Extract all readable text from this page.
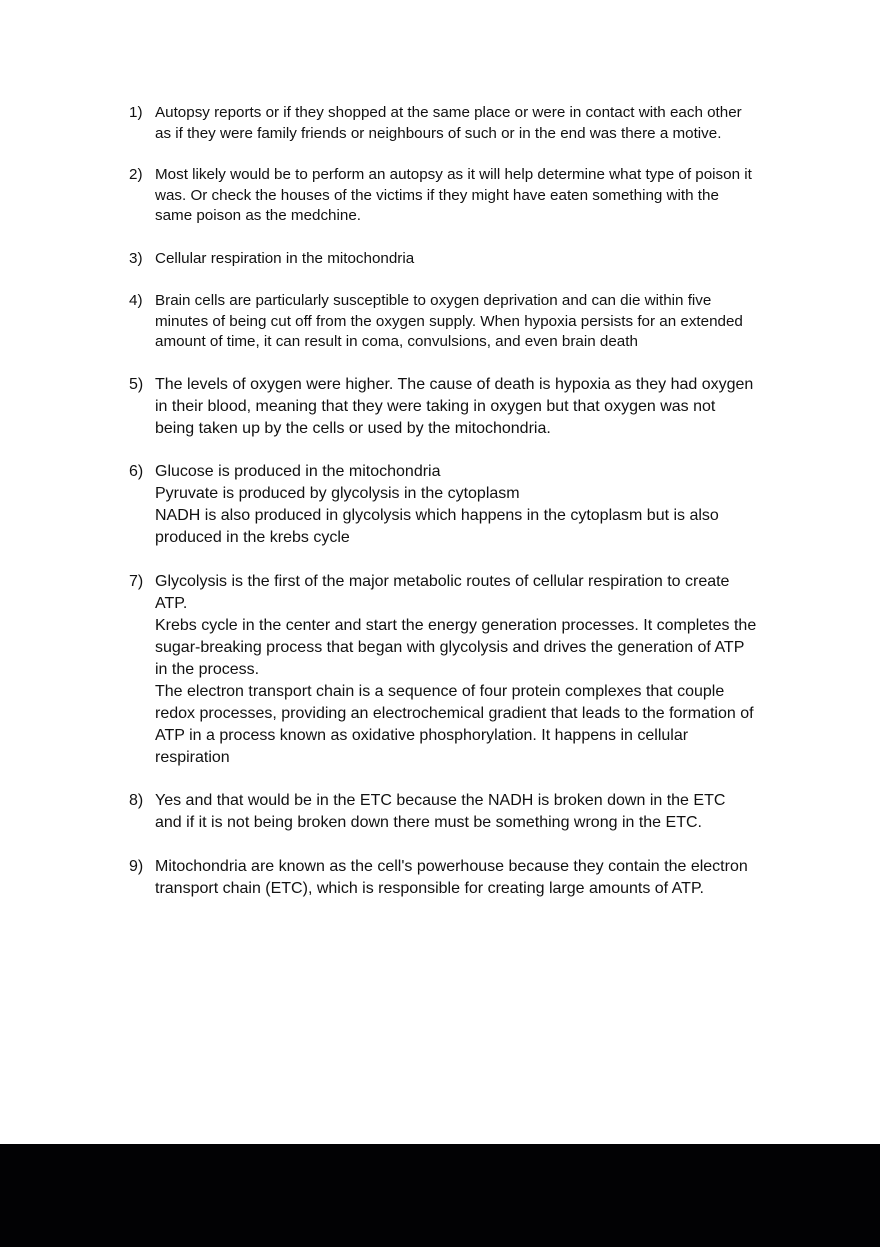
1) Autopsy reports or if they shopped at the same place or were in contact with each other
as if they were family friends or neighbours of such or in the end was there a motive.
2) Most likely would be to perform an autopsy as it will help determine what type of poison it
was. Or check the houses of the victims if they might have eaten something with the
same poison as the medchine.
3) Cellular respiration in the mitochondria
4) Brain cells are particularly susceptible to oxygen deprivation and can die within five
minutes of being cut off from the oxygen supply. When hypoxia persists for an extended
amount of time, it can result in coma, convulsions, and even brain death
5) The levels of oxygen were higher. The cause of death is hypoxia as they had oxygen
in their blood, meaning that they were taking in oxygen but that oxygen was not
being taken up by the cells or used by the mitochondria.
6) Glucose is produced in the mitochondria
Pyruvate is produced by glycolysis in the cytoplasm
NADH is also produced in glycolysis which happens in the cytoplasm but is also
produced in the krebs cycle
7) Glycolysis is the first of the major metabolic routes of cellular respiration to create
ATP.
Krebs cycle in the center and start the energy generation processes. It completes the
sugar-breaking process that began with glycolysis and drives the generation of ATP
in the process.
The electron transport chain is a sequence of four protein complexes that couple
redox processes, providing an electrochemical gradient that leads to the formation of
ATP in a process known as oxidative phosphorylation. It happens in cellular
respiration
8) Yes and that would be in the ETC because the NADH is broken down in the ETC
and if it is not being broken down there must be something wrong in the ETC.
9) Mitochondria are known as the cell's powerhouse because they contain the electron
transport chain (ETC), which is responsible for creating large amounts of ATP.
